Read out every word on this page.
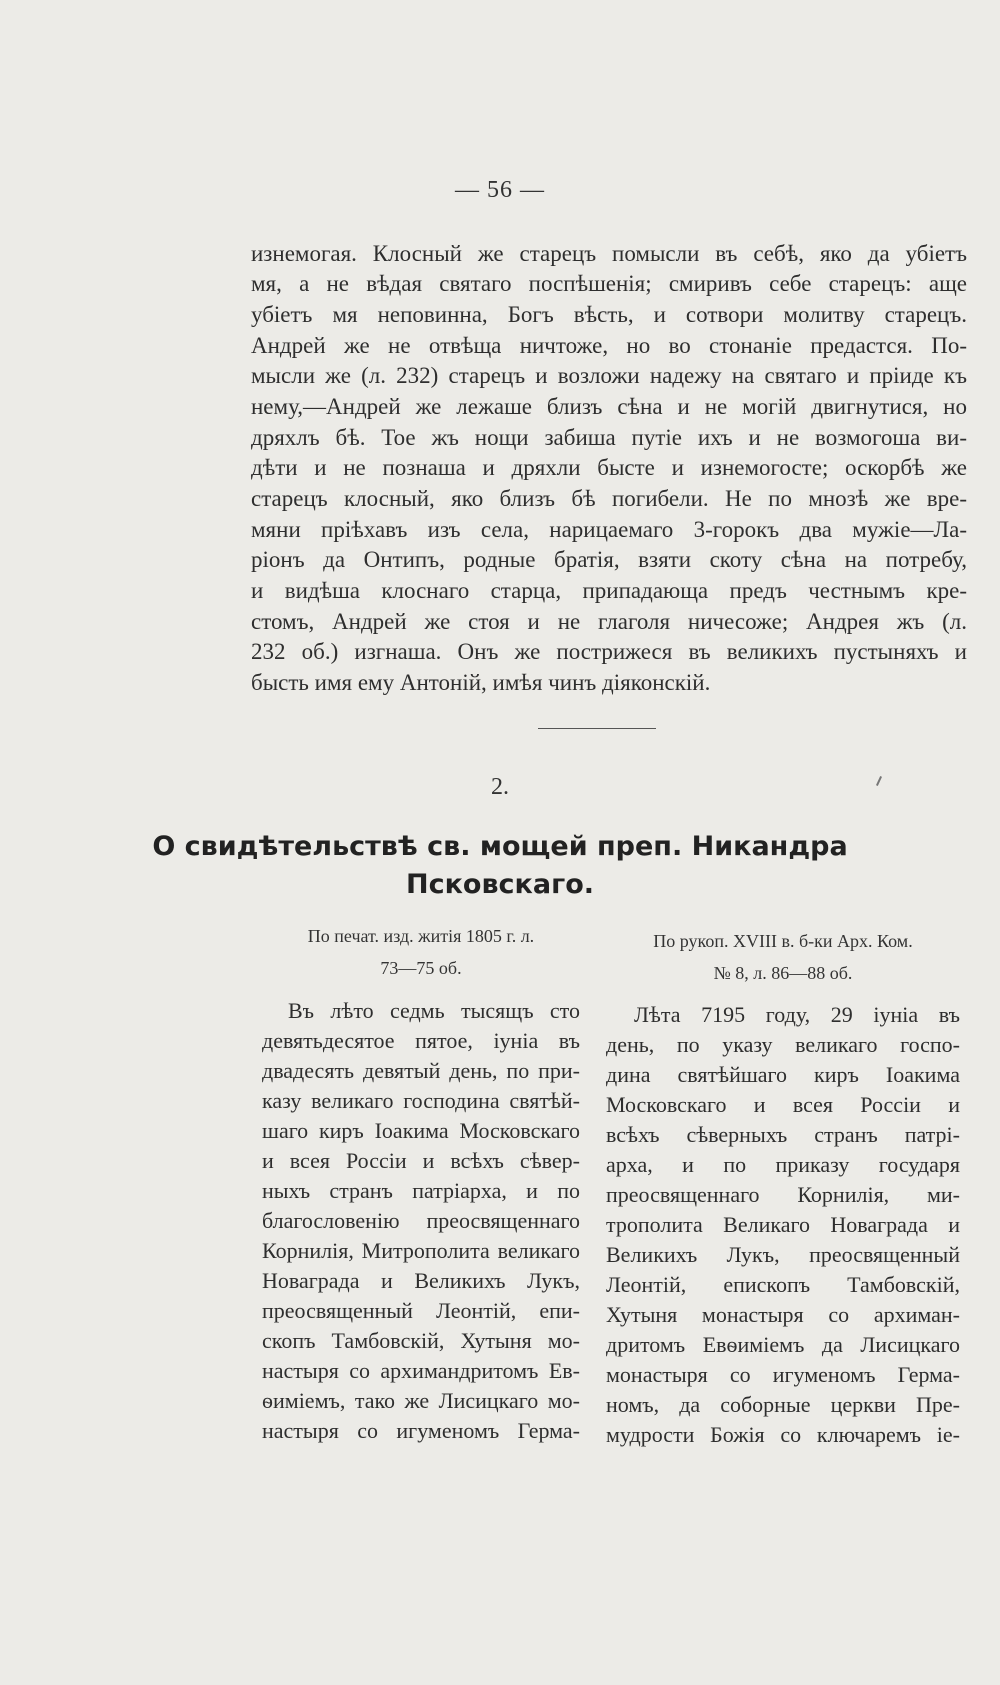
— 56 —
изнемогая. Клосный же старецъ помысли въ себѣ, яко да убіетъ
мя, а не вѣдая святаго поспѣшенія; смиривъ себе старецъ: аще
убіетъ мя неповинна, Богъ вѣсть, и сотвори молитву старецъ.
Андрей же не отвѣща ничтоже, но во стонаніе предастся. По-
мысли же (л. 232) старецъ и возложи надежу на святаго и пріиде къ
нему,—Андрей же лежаше близъ сѣна и не могій двигнутися, но
дряхлъ бѣ. Тое жъ нощи забиша путіе ихъ и не возмогоша ви-
дѣти и не познаша и дряхли бысте и изнемогосте; оскорбѣ же
старецъ клосный, яко близъ бѣ погибели. Не по мнозѣ же вре-
мяни пріѣхавъ изъ села, нарицаемаго 3-горокъ два мужіе—Ла-
ріонъ да Онтипъ, родные братія, взяти скоту сѣна на потребу,
и видѣша клоснаго старца, припадающа предъ честнымъ кре-
стомъ, Андрей же стоя и не глаголя ничесоже; Андрея жъ (л.
232 об.) изгнаша. Онъ же пострижеся въ великихъ пустыняхъ и
бысть имя ему Антоній, имѣя чинъ діяконскій.
2.
О свидѣтельствѣ св. мощей преп. Никандра
Псковскаго.
По печат. изд. житія 1805 г. л.
73—75 об.
По рукоп. XVIII в. б-ки Арх. Ком.
№ 8, л. 86—88 об.
Въ лѣто седмь тысящъ сто
девятьдесятое пятое, іуніа въ
двадесять девятый день, по при-
казу великаго господина святѣй-
шаго киръ Іоакима Московскаго
и всея Россіи и всѣхъ сѣвер-
ныхъ странъ патріарха, и по
благословенію преосвященнаго
Корнилія, Митрополита великаго
Новаграда и Великихъ Лукъ,
преосвященный Леонтій, епи-
скопъ Тамбовскій, Хутыня мо-
настыря со архимандритомъ Ев-
ѳиміемъ, тако же Лисицкаго мо-
настыря со игуменомъ Герма-
Лѣта 7195 году, 29 іуніа въ
день, по указу великаго госпо-
дина святѣйшаго киръ Іоакима
Московскаго и всея Россіи и
всѣхъ сѣверныхъ странъ патрі-
арха, и по приказу государя
преосвященнаго Корнилія, ми-
трополита Великаго Новаграда и
Великихъ Лукъ, преосвященный
Леонтій, епископъ Тамбовскій,
Хутыня монастыря со архиман-
дритомъ Евѳиміемъ да Лисицкаго
монастыря со игуменомъ Герма-
номъ, да соборные церкви Пре-
мудрости Божія со ключаремъ іе-
